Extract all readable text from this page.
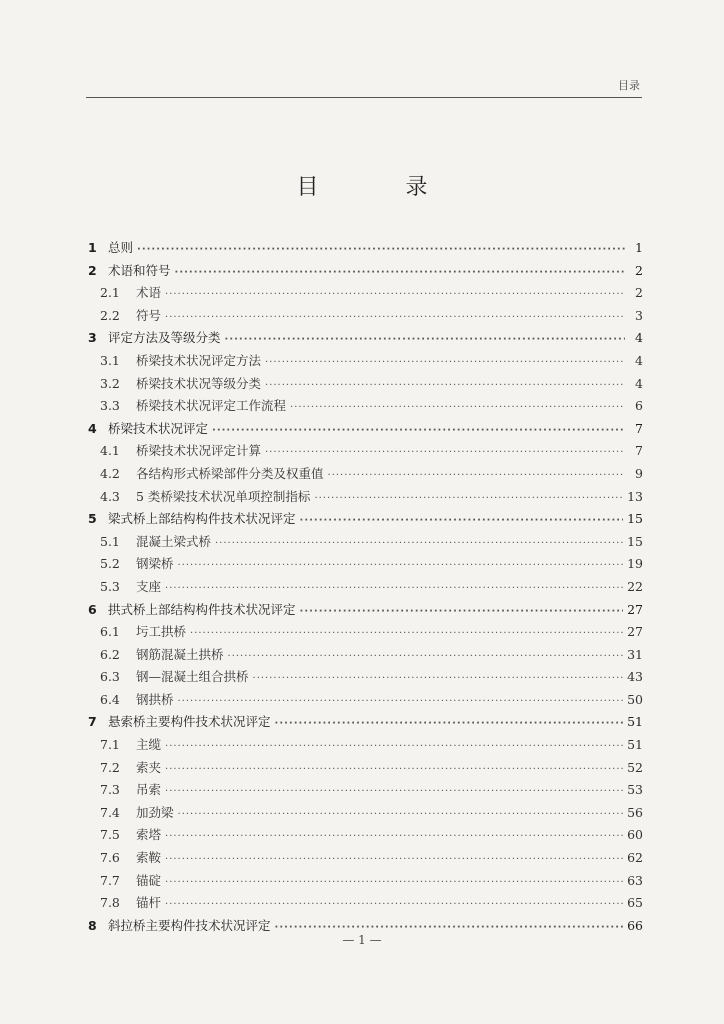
目录
目 录
1 总则 ·····	1
2 术语和符号 ·····	2
2.1	术语 ·····	2
2.2	符号 ·····	3
3 评定方法及等级分类 ·····	4
3.1	桥梁技术状况评定方法 ·····	4
3.2	桥梁技术状况等级分类 ·····	4
3.3	桥梁技术状况评定工作流程 ·····	6
4 桥梁技术状况评定 ·····	7
4.1	桥梁技术状况评定计算 ·····	7
4.2	各结构形式桥梁部件分类及权重值 ·····	9
4.3	5 类桥梁技术状况单项控制指标 ·····	13
5 梁式桥上部结构构件技术状况评定 ·····	15
5.1	混凝土梁式桥 ·····	15
5.2	钢梁桥 ·····	19
5.3	支座 ·····	22
6 拱式桥上部结构构件技术状况评定 ·····	27
6.1	圬工拱桥 ·····	27
6.2	钢筋混凝土拱桥 ·····	31
6.3	钢—混凝土组合拱桥 ·····	43
6.4	钢拱桥 ·····	50
7 悬索桥主要构件技术状况评定 ·····	51
7.1	主缆 ·····	51
7.2	索夹 ·····	52
7.3	吊索 ·····	53
7.4	加劲梁 ·····	56
7.5	索塔 ·····	60
7.6	索鞍 ·····	62
7.7	锚碇 ·····	63
7.8	锚杆 ·····	65
8 斜拉桥主要构件技术状况评定 ·····	66
— 1 —
